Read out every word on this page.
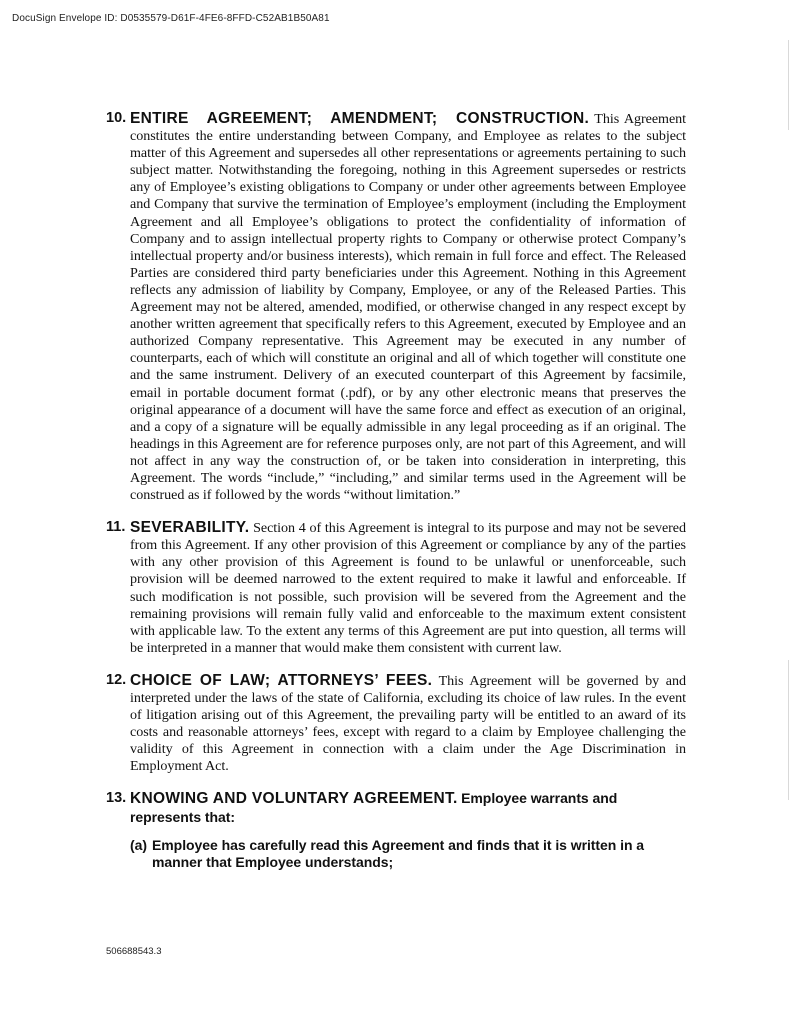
DocuSign Envelope ID: D0535579-D61F-4FE6-8FFD-C52AB1B50A81
10. ENTIRE AGREEMENT; AMENDMENT; CONSTRUCTION. This Agreement constitutes the entire understanding between Company, and Employee as relates to the subject matter of this Agreement and supersedes all other representations or agreements pertaining to such subject matter. Notwithstanding the foregoing, nothing in this Agreement supersedes or restricts any of Employee’s existing obligations to Company or under other agreements between Employee and Company that survive the termination of Employee’s employment (including the Employment Agreement and all Employee’s obligations to protect the confidentiality of information of Company and to assign intellectual property rights to Company or otherwise protect Company’s intellectual property and/or business interests), which remain in full force and effect. The Released Parties are considered third party beneficiaries under this Agreement. Nothing in this Agreement reflects any admission of liability by Company, Employee, or any of the Released Parties. This Agreement may not be altered, amended, modified, or otherwise changed in any respect except by another written agreement that specifically refers to this Agreement, executed by Employee and an authorized Company representative. This Agreement may be executed in any number of counterparts, each of which will constitute an original and all of which together will constitute one and the same instrument. Delivery of an executed counterpart of this Agreement by facsimile, email in portable document format (.pdf), or by any other electronic means that preserves the original appearance of a document will have the same force and effect as execution of an original, and a copy of a signature will be equally admissible in any legal proceeding as if an original. The headings in this Agreement are for reference purposes only, are not part of this Agreement, and will not affect in any way the construction of, or be taken into consideration in interpreting, this Agreement. The words “include,” “including,” and similar terms used in the Agreement will be construed as if followed by the words “without limitation.”
11. SEVERABILITY. Section 4 of this Agreement is integral to its purpose and may not be severed from this Agreement. If any other provision of this Agreement or compliance by any of the parties with any other provision of this Agreement is found to be unlawful or unenforceable, such provision will be deemed narrowed to the extent required to make it lawful and enforceable. If such modification is not possible, such provision will be severed from the Agreement and the remaining provisions will remain fully valid and enforceable to the maximum extent consistent with applicable law. To the extent any terms of this Agreement are put into question, all terms will be interpreted in a manner that would make them consistent with current law.
12. CHOICE OF LAW; ATTORNEYS’ FEES. This Agreement will be governed by and interpreted under the laws of the state of California, excluding its choice of law rules. In the event of litigation arising out of this Agreement, the prevailing party will be entitled to an award of its costs and reasonable attorneys’ fees, except with regard to a claim by Employee challenging the validity of this Agreement in connection with a claim under the Age Discrimination in Employment Act.
13. KNOWING AND VOLUNTARY AGREEMENT. Employee warrants and represents that:
(a) Employee has carefully read this Agreement and finds that it is written in a manner that Employee understands;
506688543.3
